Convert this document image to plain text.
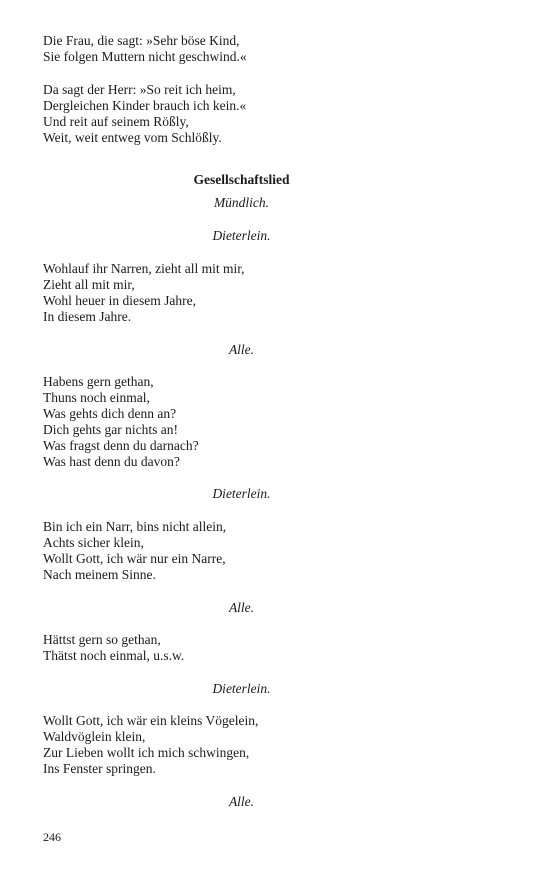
Die Frau, die sagt: »Sehr böse Kind,
Sie folgen Muttern nicht geschwind.«
Da sagt der Herr: »So reit ich heim,
Dergleichen Kinder brauch ich kein.«
Und reit auf seinem Rößly,
Weit, weit entweg vom Schlößly.
Gesellschaftslied
Mündlich.
Dieterlein.
Wohlauf ihr Narren, zieht all mit mir,
Zieht all mit mir,
Wohl heuer in diesem Jahre,
In diesem Jahre.
Alle.
Habens gern gethan,
Thuns noch einmal,
Was gehts dich denn an?
Dich gehts gar nichts an!
Was fragst denn du darnach?
Was hast denn du davon?
Dieterlein.
Bin ich ein Narr, bins nicht allein,
Achts sicher klein,
Wollt Gott, ich wär nur ein Narre,
Nach meinem Sinne.
Alle.
Hättst gern so gethan,
Thätst noch einmal, u.s.w.
Dieterlein.
Wollt Gott, ich wär ein kleins Vögelein,
Waldvöglein klein,
Zur Lieben wollt ich mich schwingen,
Ins Fenster springen.
Alle.
246
